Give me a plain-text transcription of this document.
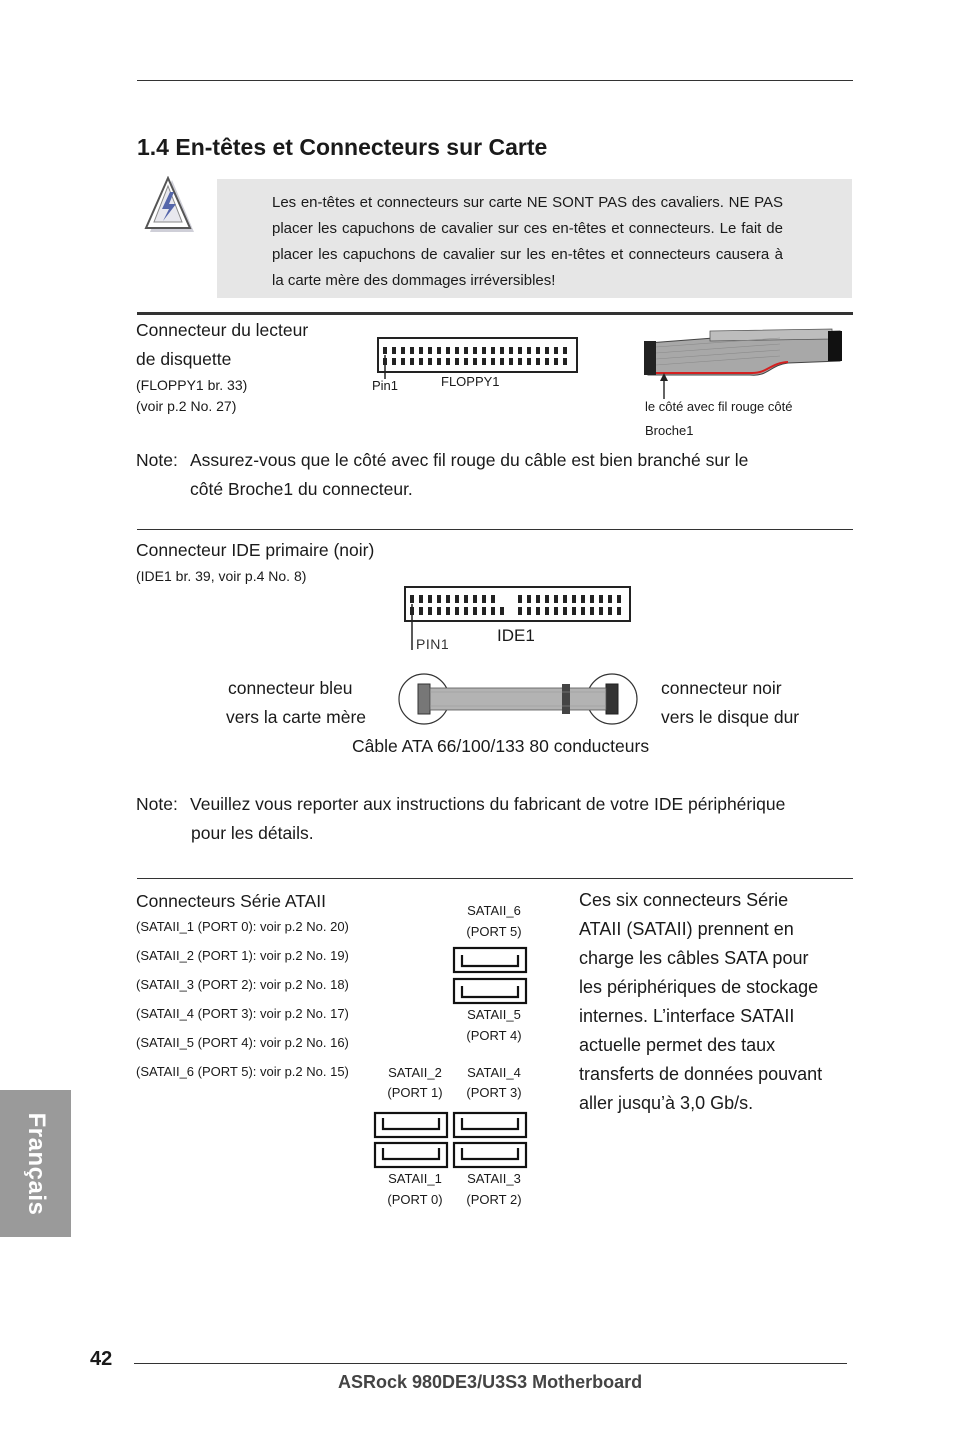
1.4 En-têtes et Connecteurs sur Carte
Les en-têtes et connecteurs sur carte NE SONT PAS des cavaliers. NE PAS placer les capuchons de cavalier sur ces en-têtes et connecteurs. Le fait de placer les capuchons de cavalier sur les en-têtes et connecteurs causera à la carte mère des dommages irréversibles!
Connecteur du lecteur
de disquette
(FLOPPY1 br. 33)
(voir p.2 No. 27)
Pin1	FLOPPY1
le côté avec fil rouge côté
Broche1
Note: Assurez-vous que le côté avec fil rouge du câble est bien branché sur le
côté Broche1 du connecteur.
Connecteur IDE primaire (noir)
(IDE1 br. 39, voir p.4 No. 8)
PIN1	IDE1
connecteur bleu
vers la carte mère
connecteur noir
vers le disque dur
Câble ATA 66/100/133 80 conducteurs
Note: Veuillez vous reporter aux instructions du fabricant de votre IDE périphérique
pour les détails.
Connecteurs Série ATAII
(SATAII_1 (PORT 0): voir p.2 No. 20)
(SATAII_2 (PORT 1): voir p.2 No. 19)
(SATAII_3 (PORT 2): voir p.2 No. 18)
(SATAII_4 (PORT 3): voir p.2 No. 17)
(SATAII_5 (PORT 4): voir p.2 No. 16)
(SATAII_6 (PORT 5): voir p.2 No. 15)
SATAII_6
(PORT 5)
SATAII_5
(PORT 4)
SATAII_2
(PORT 1)
SATAII_4
(PORT 3)
SATAII_1
(PORT 0)
SATAII_3
(PORT 2)
Ces six connecteurs Série
ATAII (SATAII) prennent en
charge les câbles SATA pour
les périphériques de stockage
internes. L’interface SATAII
actuelle permet des taux
transferts de données pouvant
aller jusqu’à 3,0 Gb/s.
Français
42
ASRock 980DE3/U3S3 Motherboard
